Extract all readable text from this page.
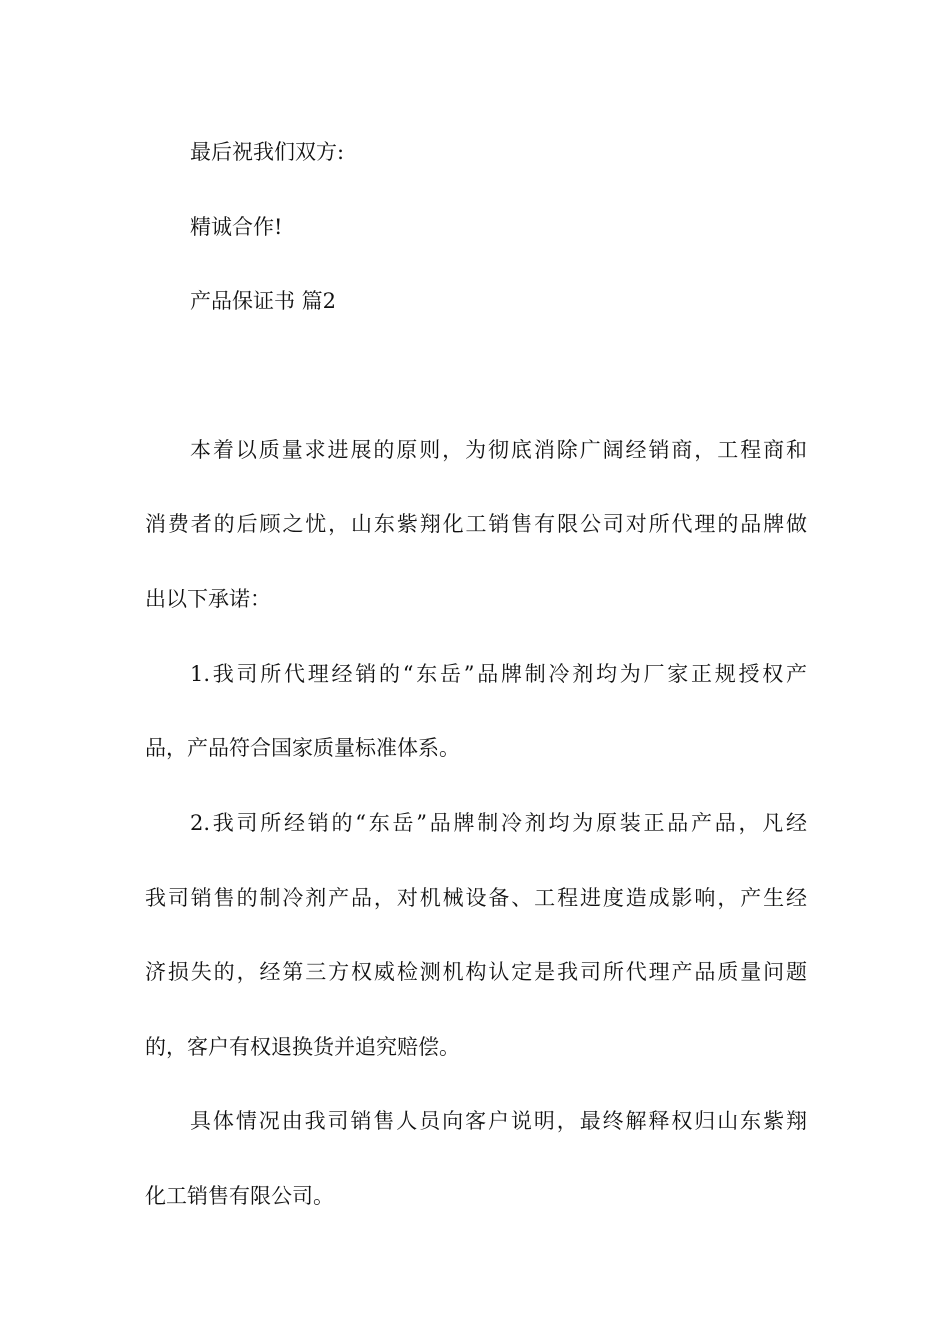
最后祝我们双方:
精诚合作!
产品保证书 篇2
本着以质量求进展的原则，为彻底消除广阔经销商，工程商和
消费者的后顾之忧，山东紫翔化工销售有限公司对所代理的品牌做
出以下承诺：
1.我司所代理经销的“东岳”品牌制冷剂均为厂家正规授权产
品，产品符合国家质量标准体系。
2.我司所经销的“东岳”品牌制冷剂均为原装正品产品，凡经
我司销售的制冷剂产品，对机械设备、工程进度造成影响，产生经
济损失的，经第三方权威检测机构认定是我司所代理产品质量问题
的，客户有权退换货并追究赔偿。
具体情况由我司销售人员向客户说明，最终解释权归山东紫翔
化工销售有限公司。
